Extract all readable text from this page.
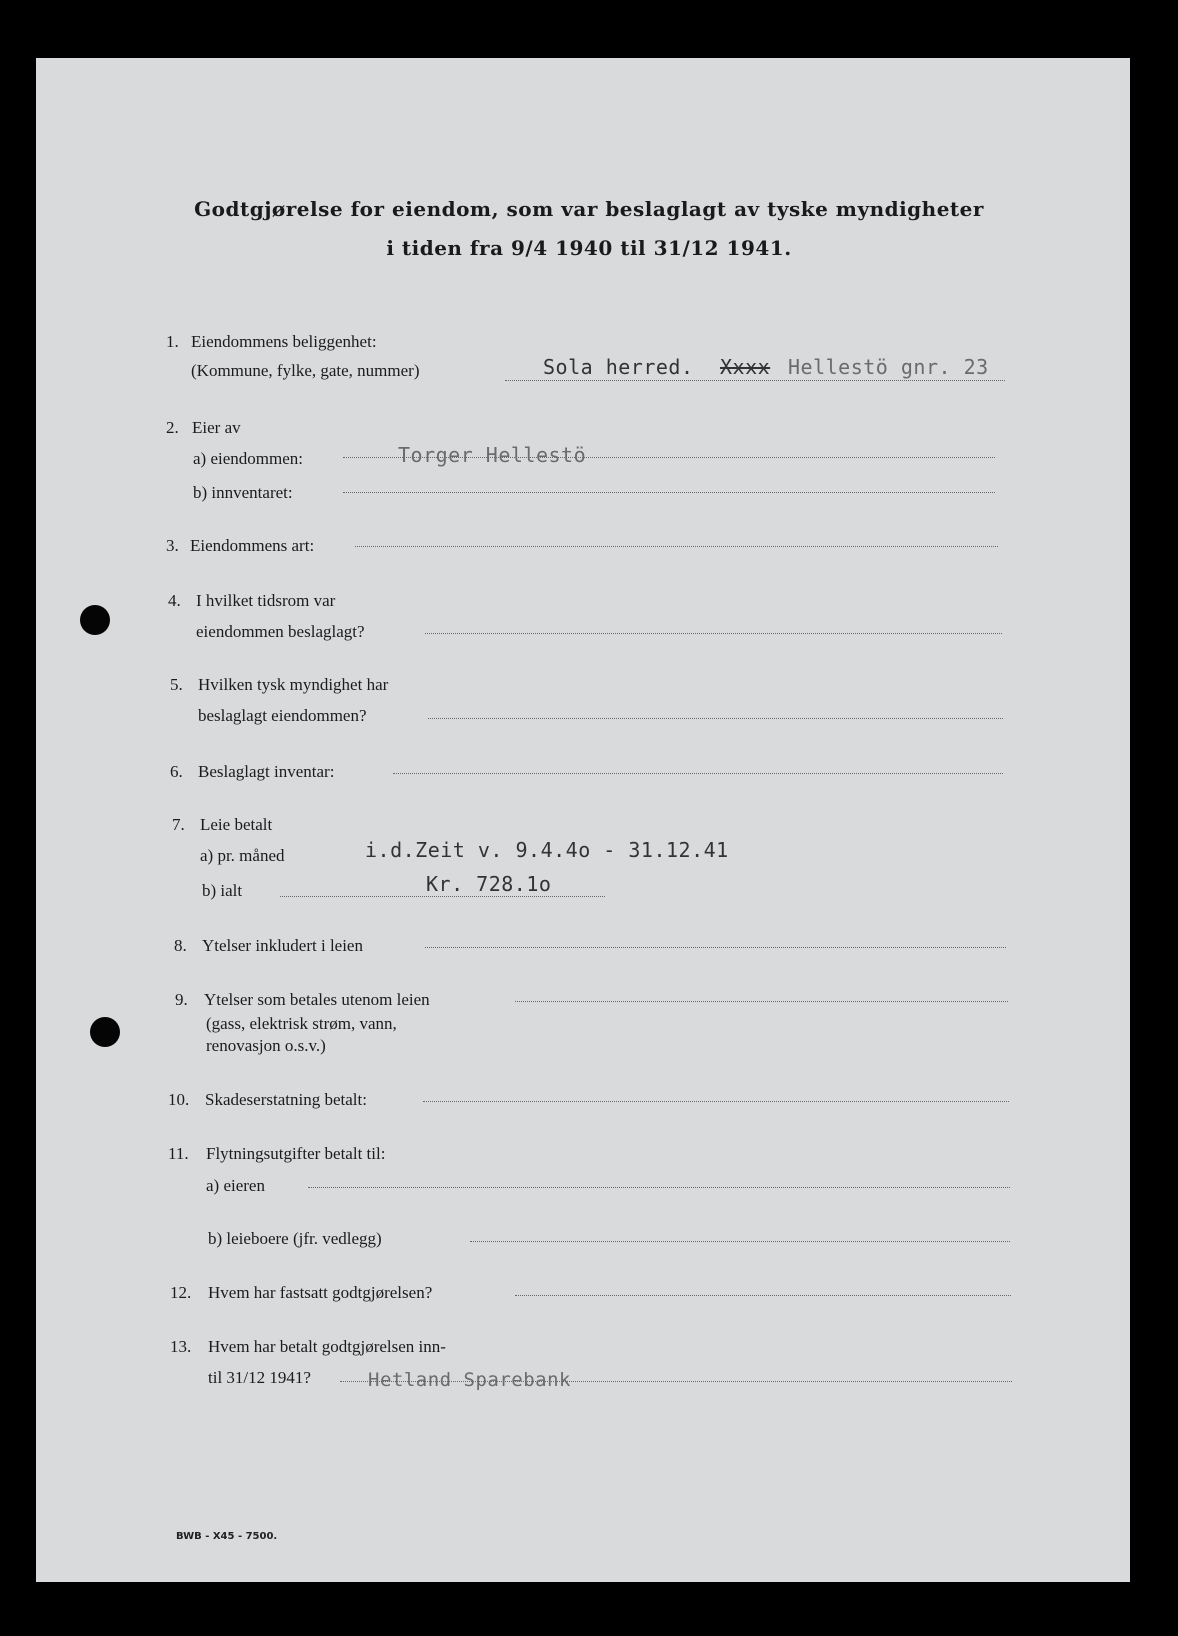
Godtgjørelse for eiendom, som var beslaglagt av tyske myndigheter
i tiden fra 9/4 1940 til 31/12 1941.
1. Eiendommens beliggenhet:
(Kommune, fylke, gate, nummer)	Sola herred. Xxxx Hellestö gnr. 23
2. Eier av
a) eiendommen:	Torger Hellestö
b) innventaret:
3. Eiendommens art:
4. I hvilket tidsrom var
eiendommen beslaglagt?
5. Hvilken tysk myndighet har
beslaglagt eiendommen?
6. Beslaglagt inventar:
7. Leie betalt
a) pr. måned	i.d.Zeit v. 9.4.4o - 31.12.41
b) ialt	Kr. 728.1o
8. Ytelser inkludert i leien
9. Ytelser som betales utenom leien
(gass, elektrisk strøm, vann,
renovasjon o.s.v.)
10. Skadeserstatning betalt:
11. Flytningsutgifter betalt til:
a) eieren
b) leieboere (jfr. vedlegg)
12. Hvem har fastsatt godtgjørelsen?
13. Hvem har betalt godtgjørelsen inn-
til 31/12 1941?	Hetland Sparebank
BWB - X45 - 7500.
